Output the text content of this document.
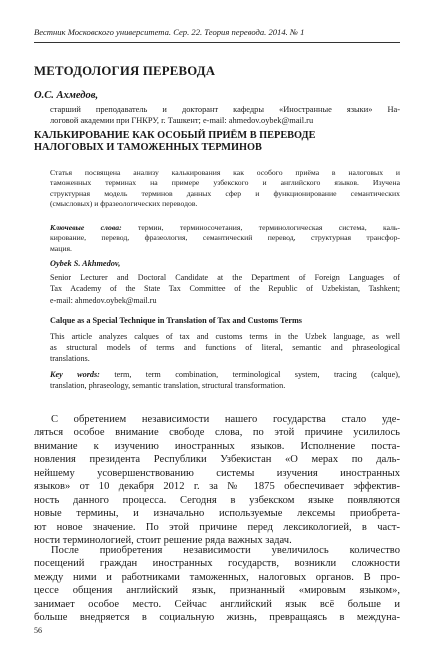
Вестник Московского университета. Сер. 22. Теория перевода. 2014. № 1
МЕТОДОЛОГИЯ ПЕРЕВОДА
О.С. Ахмедов,
старший преподаватель и докторант кафедры «Иностранные языки» На-
логовой академии при ГНКРУ, г. Ташкент; e-mail: ahmedov.oybek@mail.ru
КАЛЬКИРОВАНИЕ КАК ОСОБЫЙ ПРИЁМ В ПЕРЕВОДЕ
НАЛОГОВЫХ И ТАМОЖЕННЫХ ТЕРМИНОВ
Статья посвящена анализу калькирования как особого приёма в налоговых и
таможенных терминах на примере узбекского и английского языков. Изучена
структурная модель терминов данных сфер и функционирование семантических
(смысловых) и фразеологических переводов.
Ключевые слова: термин, терминосочетания, терминологическая система, каль-
кирование, перевод, фразеология, семантический перевод, структурная трансфор-
мация.
Oybek S. Akhmedov,
Senior Lecturer and Doctoral Candidate at the Department of Foreign Languages of
Tax Academy of the State Tax Committee of the Republic of Uzbekistan, Tashkent;
e-mail: ahmedov.oybek@mail.ru
Calque as a Special Technique in Translation of Tax and Customs Terms
This article analyzes calques of tax and customs terms in the Uzbek language, as well
as structural models of terms and functions of literal, semantic and phraseological
translations.
Key words: term, term combination, terminological system, tracing (calque),
translation, phraseology, semantic translation, structural transformation.
С обретением независимости нашего государства стало уде-
ляться особое внимание свободе слова, по этой причине усилилось
внимание к изучению иностранных языков. Исполнение поста-
новления президента Республики Узбекистан «О мерах по даль-
нейшему усовершенствованию системы изучения иностранных
языков» от 10 декабря 2012 г. за № 1875 обеспечивает эффектив-
ность данного процесса. Сегодня в узбекском языке появляются
новые термины, и изначально используемые лексемы приобрета-
ют новое значение. По этой причине перед лексикологией, в част-
ности терминологией, стоит решение ряда важных задач.
После приобретения независимости увеличилось количество
посещений граждан иностранных государств, возникли сложности
между ними и работниками таможенных, налоговых органов. В про-
цессе общения английский язык, признанный «мировым языком»,
занимает особое место. Сейчас английский язык всё больше и
больше внедряется в социальную жизнь, превращаясь в междуна-
56
